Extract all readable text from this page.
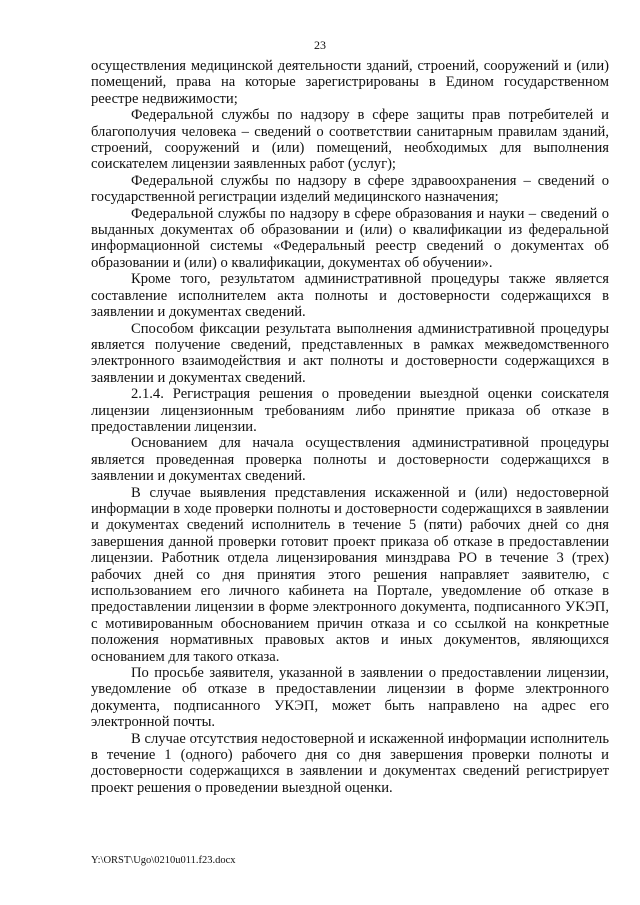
23

осуществления медицинской деятельности зданий, строений, сооружений и (или) помещений, права на которые зарегистрированы в Едином государственном реестре недвижимости;

Федеральной службы по надзору в сфере защиты прав потребителей и благополучия человека – сведений о соответствии санитарным правилам зданий, строений, сооружений и (или) помещений, необходимых для выполнения соискателем лицензии заявленных работ (услуг);

Федеральной службы по надзору в сфере здравоохранения – сведений о государственной регистрации изделий медицинского назначения;

Федеральной службы по надзору в сфере образования и науки – сведений о выданных документах об образовании и (или) о квалификации из федеральной информационной системы «Федеральный реестр сведений о документах об образовании и (или) о квалификации, документах об обучении».

Кроме того, результатом административной процедуры также является составление исполнителем акта полноты и достоверности содержащихся в заявлении и документах сведений.

Способом фиксации результата выполнения административной процедуры является получение сведений, представленных в рамках межведомственного электронного взаимодействия и акт полноты и достоверности содержащихся в заявлении и документах сведений.

2.1.4. Регистрация решения о проведении выездной оценки соискателя лицензии лицензионным требованиям либо принятие приказа об отказе в предоставлении лицензии.

Основанием для начала осуществления административной процедуры является проведенная проверка полноты и достоверности содержащихся в заявлении и документах сведений.

В случае выявления представления искаженной и (или) недостоверной информации в ходе проверки полноты и достоверности содержащихся в заявлении и документах сведений исполнитель в течение 5 (пяти) рабочих дней со дня завершения данной проверки готовит проект приказа об отказе в предоставлении лицензии. Работник отдела лицензирования минздрава РО в течение 3 (трех) рабочих дней со дня принятия этого решения направляет заявителю, с использованием его личного кабинета на Портале, уведомление об отказе в предоставлении лицензии в форме электронного документа, подписанного УКЭП, с мотивированным обоснованием причин отказа и со ссылкой на конкретные положения нормативных правовых актов и иных документов, являющихся основанием для такого отказа.

По просьбе заявителя, указанной в заявлении о предоставлении лицензии, уведомление об отказе в предоставлении лицензии в форме электронного документа, подписанного УКЭП, может быть направлено на адрес его электронной почты.

В случае отсутствия недостоверной и искаженной информации исполнитель в течение 1 (одного) рабочего дня со дня завершения проверки полноты и достоверности содержащихся в заявлении и документах сведений регистрирует проект решения о проведении выездной оценки.

Y:\ORST\Ugo\0210u011.f23.docx
